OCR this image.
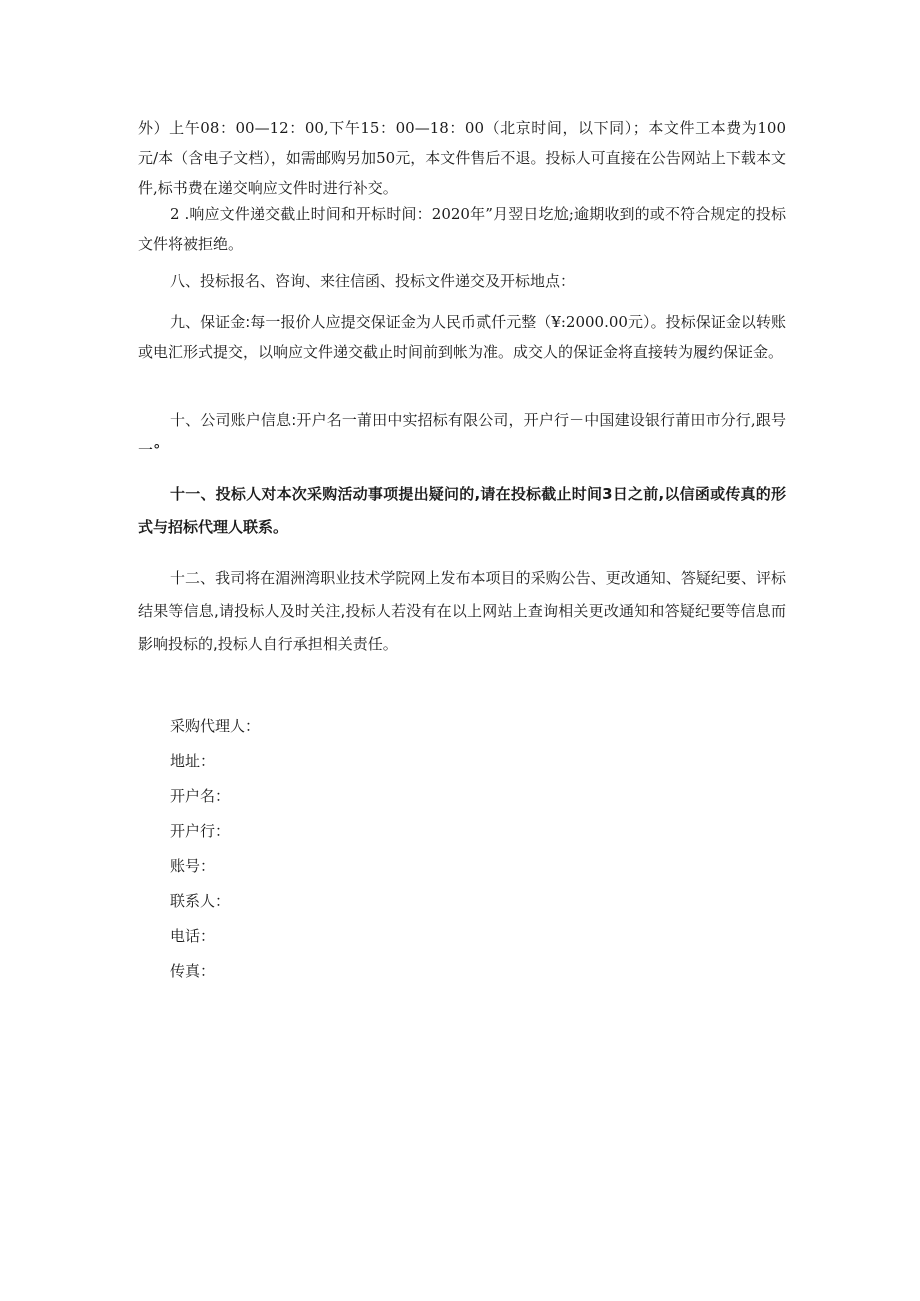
外）上午08：00—12：00,下午15：00—18：00（北京时间，以下同）；本文件工本费为100元/本（含电子文档），如需邮购另加50元，本文件售后不退。投标人可直接在公告网站上下载本文件,标书费在递交响应文件时进行补交。

2 .响应文件递交截止时间和开标时间：2020年”月翌日圪尬;逾期收到的或不符合规定的投标文件将被拒绝。

八、投标报名、咨询、来往信函、投标文件递交及开标地点：

九、保证金:每一报价人应提交保证金为人民币贰仟元整（¥:2000.00元）。投标保证金以转账或电汇形式提交，以响应文件递交截止时间前到帐为准。成交人的保证金将直接转为履约保证金。

十、公司账户信息:开户名一莆田中实招标有限公司，开户行－中国建设银行莆田市分行,跟号一°

十一、投标人对本次采购活动事项提出疑问的,请在投标截止时间3日之前,以信函或传真的形式与招标代理人联系。

十二、我司将在湄洲湾职业技术学院网上发布本项目的采购公告、更改通知、答疑纪要、评标结果等信息,请投标人及时关注,投标人若没有在以上网站上查询相关更改通知和答疑纪要等信息而影响投标的,投标人自行承担相关责任。

采购代理人：
地址：
开户名：
开户行：
账号：
联系人：
电话：
传真：
